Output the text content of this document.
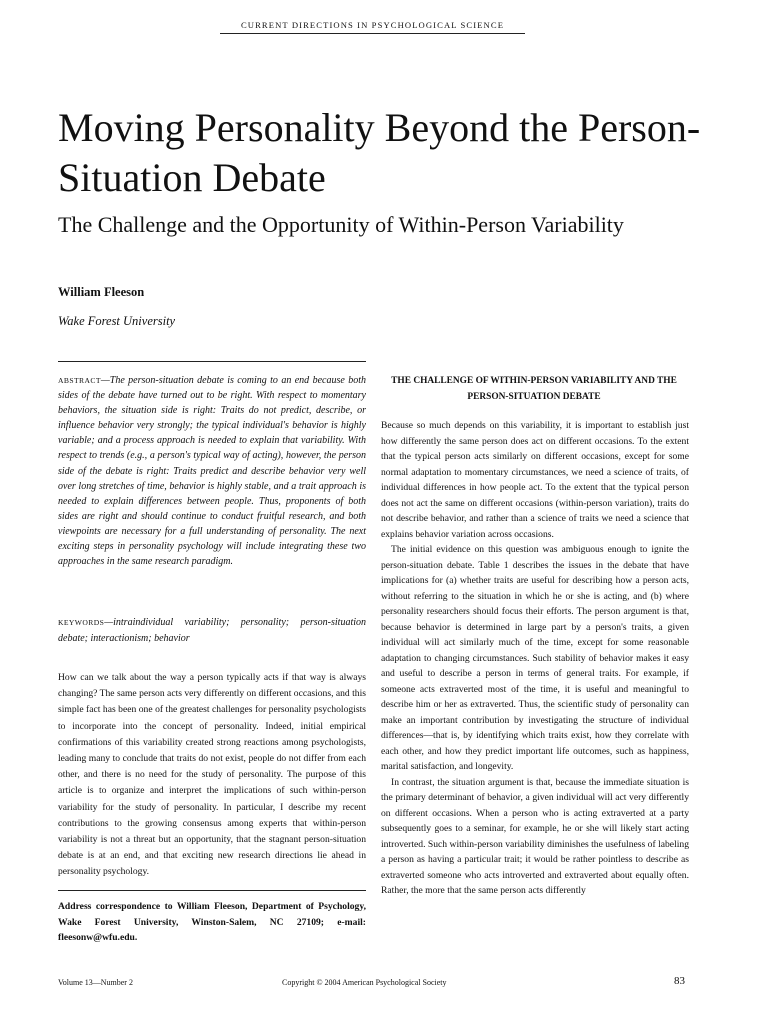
CURRENT DIRECTIONS IN PSYCHOLOGICAL SCIENCE
Moving Personality Beyond the Person-Situation Debate
The Challenge and the Opportunity of Within-Person Variability
William Fleeson
Wake Forest University
ABSTRACT—The person-situation debate is coming to an end because both sides of the debate have turned out to be right. With respect to momentary behaviors, the situation side is right: Traits do not predict, describe, or influence behavior very strongly; the typical individual's behavior is highly variable; and a process approach is needed to explain that variability. With respect to trends (e.g., a person's typical way of acting), however, the person side of the debate is right: Traits predict and describe behavior very well over long stretches of time, behavior is highly stable, and a trait approach is needed to explain differences between people. Thus, proponents of both sides are right and should continue to conduct fruitful research, and both viewpoints are necessary for a full understanding of personality. The next exciting steps in personality psychology will include integrating these two approaches in the same research paradigm.
KEYWORDS—intraindividual variability; personality; person-situation debate; interactionism; behavior

How can we talk about the way a person typically acts if that way is always changing? The same person acts very differently on different occasions, and this simple fact has been one of the greatest challenges for personality psychologists to incorporate into the concept of personality. Indeed, initial empirical confirmations of this variability created strong reactions among psychologists, leading many to conclude that traits do not exist, people do not differ from each other, and there is no need for the study of personality. The purpose of this article is to organize and interpret the implications of such within-person variability for the study of personality. In particular, I describe my recent contributions to the growing consensus among experts that within-person variability is not a threat but an opportunity, that the stagnant person-situation debate is at an end, and that exciting new research directions lie ahead in personality psychology.

Address correspondence to William Fleeson, Department of Psychology, Wake Forest University, Winston-Salem, NC 27109; e-mail: fleesonw@wfu.edu.
THE CHALLENGE OF WITHIN-PERSON VARIABILITY AND THE PERSON-SITUATION DEBATE

Because so much depends on this variability, it is important to establish just how differently the same person does act on different occasions. To the extent that the typical person acts similarly on different occasions, except for some normal adaptation to momentary circumstances, we need a science of traits, of individual differences in how people act. To the extent that the typical person does not act the same on different occasions (within-person variation), traits do not describe behavior, and rather than a science of traits we need a science that explains behavior variation across occasions.

The initial evidence on this question was ambiguous enough to ignite the person-situation debate. Table 1 describes the issues in the debate that have implications for (a) whether traits are useful for describing how a person acts, without referring to the situation in which he or she is acting, and (b) where personality researchers should focus their efforts. The person argument is that, because behavior is determined in large part by a person's traits, a given individual will act similarly much of the time, except for some reasonable adaptation to changing circumstances. Such stability of behavior makes it easy and useful to describe a person in terms of general traits. For example, if someone acts extraverted most of the time, it is useful and meaningful to describe him or her as extraverted. Thus, the scientific study of personality can make an important contribution by investigating the structure of individual differences—that is, by identifying which traits exist, how they correlate with each other, and how they predict important life outcomes, such as happiness, marital satisfaction, and longevity.

In contrast, the situation argument is that, because the immediate situation is the primary determinant of behavior, a given individual will act very differently on different occasions. When a person who is acting extraverted at a party subsequently goes to a seminar, for example, he or she will likely start acting introverted. Such within-person variability diminishes the usefulness of labeling a person as having a particular trait; it would be rather pointless to describe as extraverted someone who acts introverted and extraverted about equally often. Rather, the more that the same person acts differently

Volume 13—Number 2	Copyright © 2004 American Psychological Society	83
